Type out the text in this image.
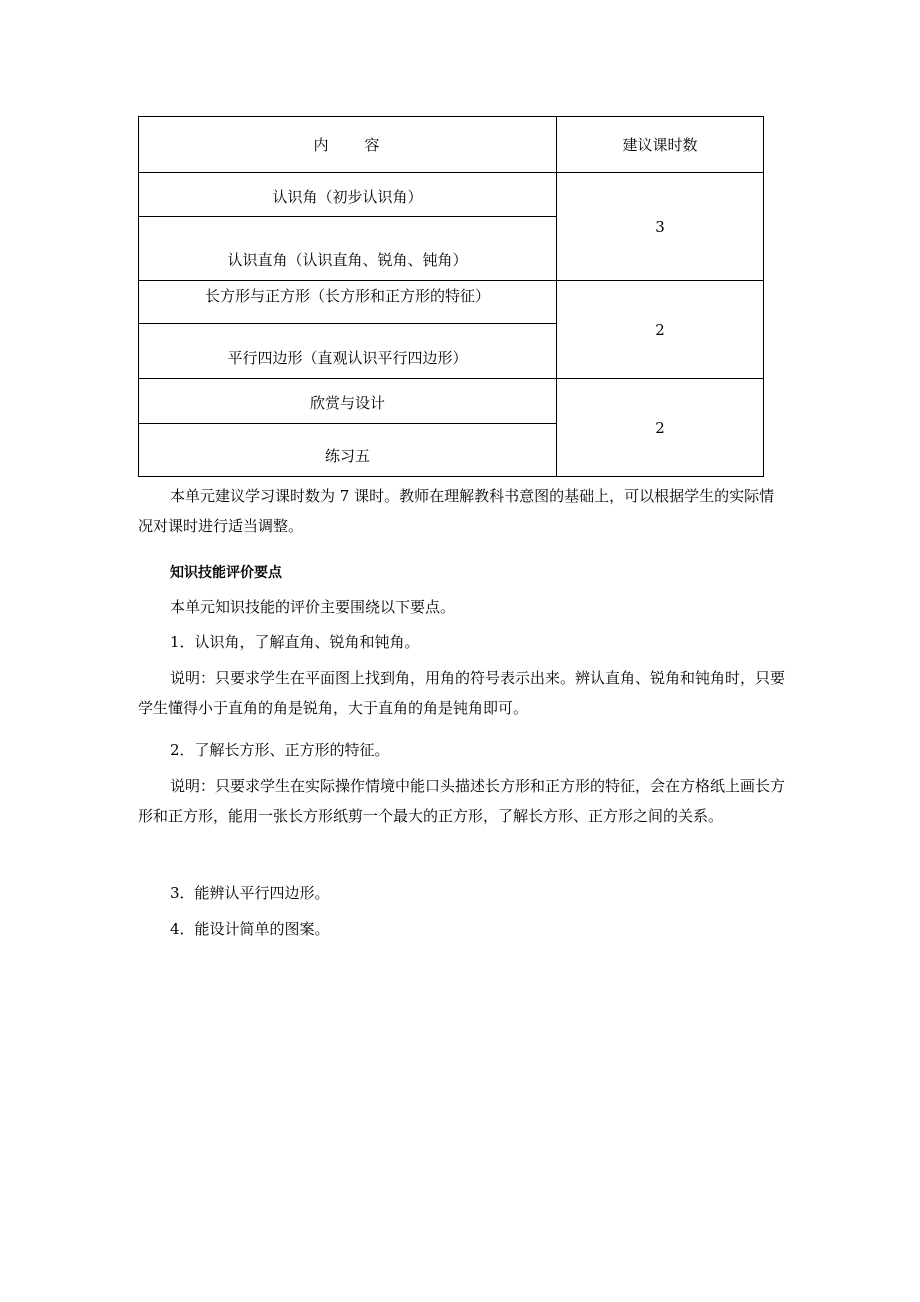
内　　容	建议课时数
认识角（初步认识角）	3
认识直角（认识直角、锐角、钝角）	
长方形与正方形（长方形和正方形的特征）	2
平行四边形（直观认识平行四边形）	
欣赏与设计	2
练习五	

本单元建议学习课时数为 7 课时。教师在理解教科书意图的基础上，可以根据学生的实际情况对课时进行适当调整。

知识技能评价要点

本单元知识技能的评价主要围绕以下要点。

1．认识角，了解直角、锐角和钝角。

说明：只要求学生在平面图上找到角，用角的符号表示出来。辨认直角、锐角和钝角时，只要学生懂得小于直角的角是锐角，大于直角的角是钝角即可。

2．了解长方形、正方形的特征。

说明：只要求学生在实际操作情境中能口头描述长方形和正方形的特征，会在方格纸上画长方形和正方形，能用一张长方形纸剪一个最大的正方形，了解长方形、正方形之间的关系。

3．能辨认平行四边形。

4．能设计简单的图案。
